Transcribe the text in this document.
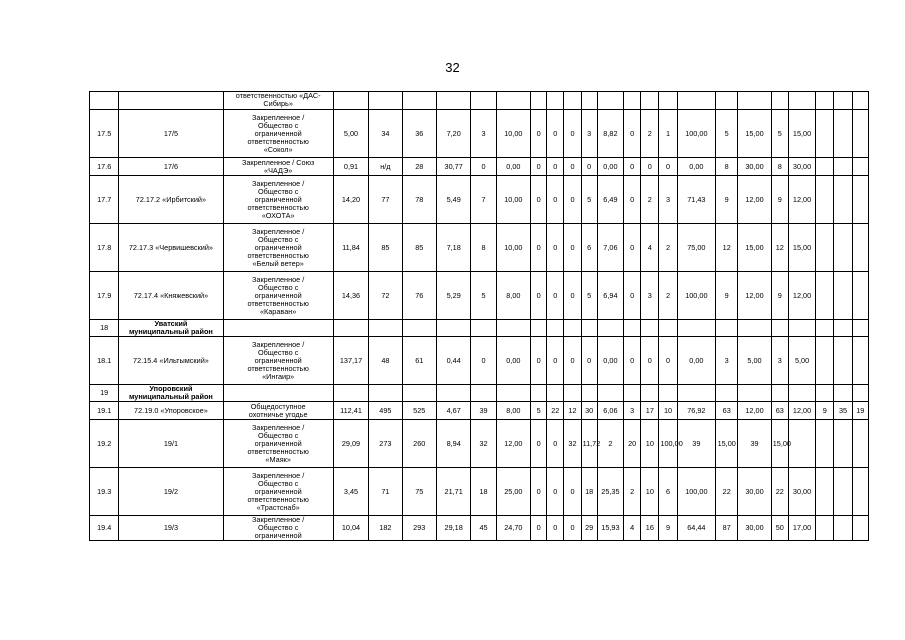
32
		ответственностью «ДАС-
Сибирь»																						
17.5	17/5	Закрепленное /
Общество с
ограниченной
ответственностью
«Сокол»	5,00	34	36	7,20	3	10,00	0	0	0	3	8,82	0	2	1	100,00	5	15,00	5	15,00			
17.6	17/6	Закрепленное / Союз
«ЧАДЭ»	0,91	н/д	28	30,77	0	0,00	0	0	0	0	0,00	0	0	0	0,00	8	30,00	8	30,00			
17.7	72.17.2 «Ирбитский»	Закрепленное /
Общество с
ограниченной
ответственностью
«ОХОТА»	14,20	77	78	5,49	7	10,00	0	0	0	5	6,49	0	2	3	71,43	9	12,00	9	12,00			
17.8	72.17.3 «Червишевский»	Закрепленное /
Общество с
ограниченной
ответственностью
«Белый ветер»	11,84	85	85	7,18	8	10,00	0	0	0	6	7,06	0	4	2	75,00	12	15,00	12	15,00			
17.9	72.17.4 «Княжевский»	Закрепленное /
Общество с
ограниченной
ответственностью
«Караван»	14,36	72	76	5,29	5	8,00	0	0	0	5	6,94	0	3	2	100,00	9	12,00	9	12,00			
18	Уватский
муниципальный район																							
18.1	72.15.4 «Ильтымский»	Закрепленное /
Общество с
ограниченной
ответственностью
«Ингаир»	137,17	48	61	0,44	0	0,00	0	0	0	0	0,00	0	0	0	0,00	3	5,00	3	5,00			
19	Упоровский
муниципальный район																							
19.1	72.19.0 «Упоровское»	Общедоступное
охотничье угодье	112,41	495	525	4,67	39	8,00	5	22	12	30	6,06	3	17	10	76,92	63	12,00	63	12,00	9	35	19
19.2	19/1	Закрепленное /
Общество с
ограниченной
ответственностью
«Маяк»	29,09	273	260	8,94	32	12,00	0	0	32	11,72	2	20	10	100,00	39	15,00	39	15,00				
19.3	19/2	Закрепленное /
Общество с
ограниченной
ответственностью
«Трастснаб»	3,45	71	75	21,71	18	25,00	0	0	0	18	25,35	2	10	6	100,00	22	30,00	22	30,00			
19.4	19/3	Закрепленное /
Общество с
ограниченной	10,04	182	293	29,18	45	24,70	0	0	0	29	15,93	4	16	9	64,44	87	30,00	50	17,00			
